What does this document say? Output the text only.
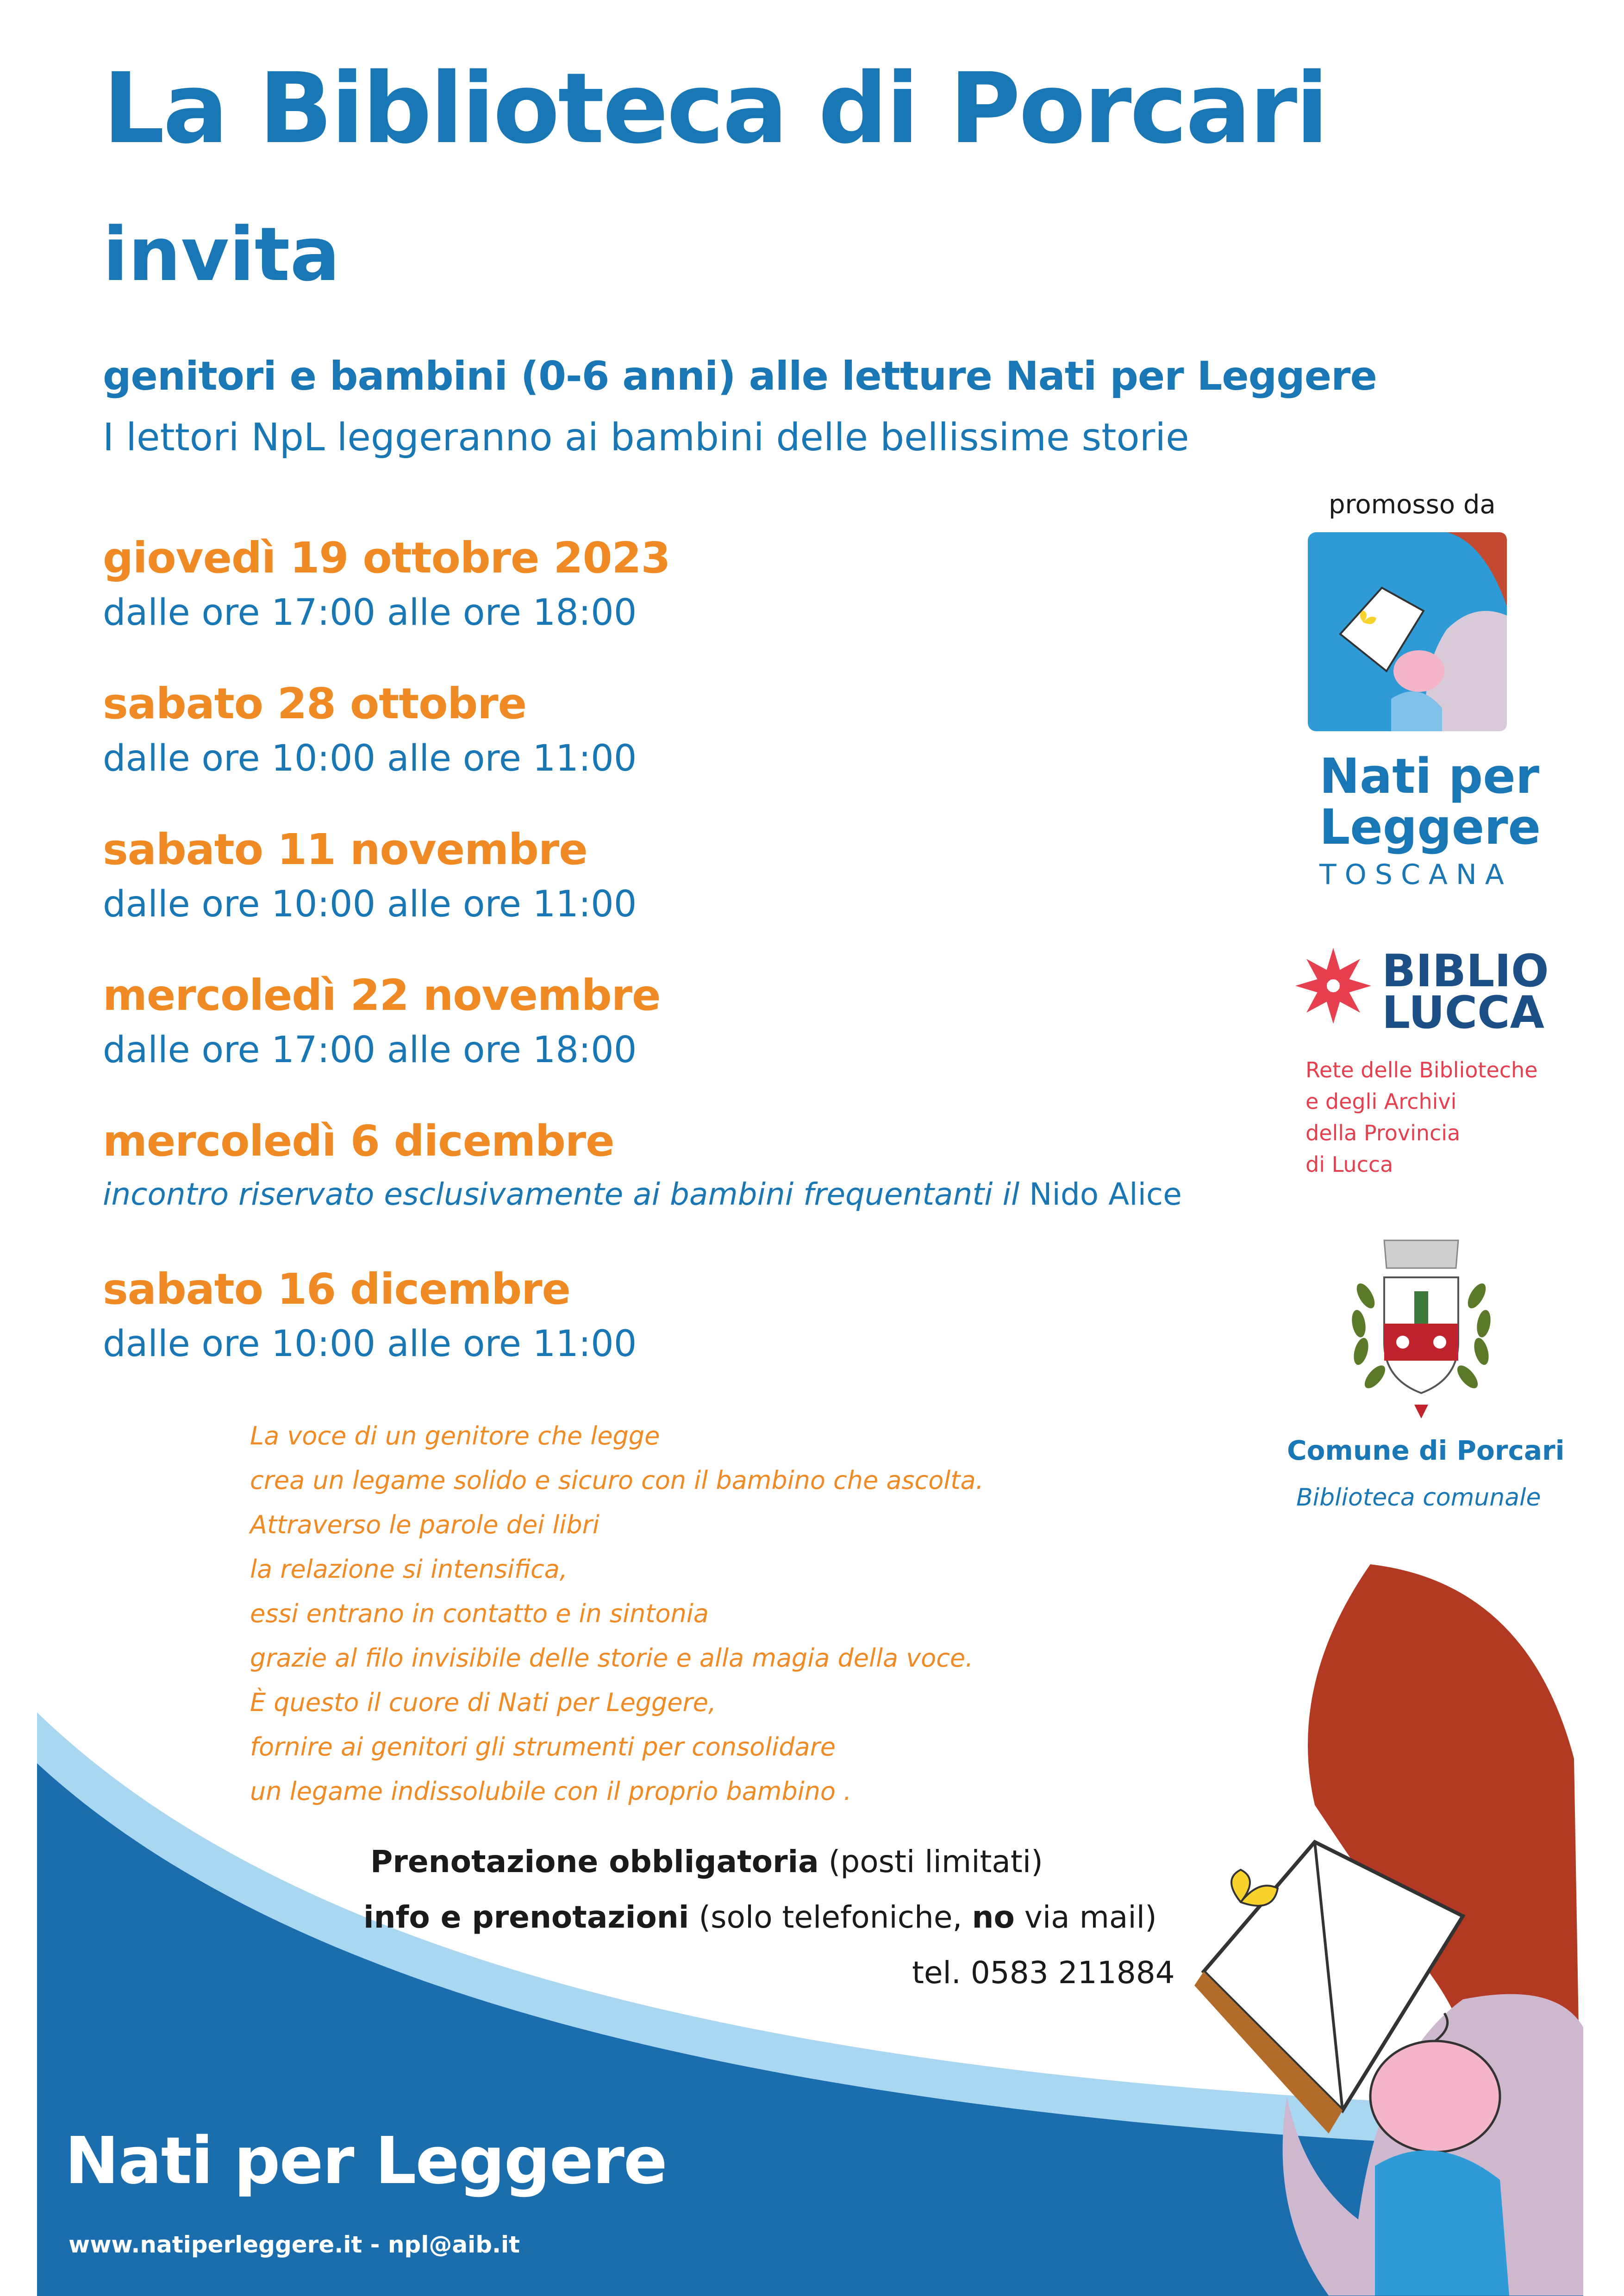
La Biblioteca di Porcari
invita
genitori e bambini (0-6 anni) alle letture Nati per Leggere
I lettori NpL leggeranno ai bambini delle bellissime storie
giovedì 19 ottobre 2023
dalle ore 17:00 alle ore 18:00
sabato 28 ottobre
dalle ore 10:00 alle ore 11:00
sabato 11 novembre
dalle ore 10:00 alle ore 11:00
mercoledì 22 novembre
dalle ore 17:00 alle ore 18:00
mercoledì 6 dicembre
incontro riservato esclusivamente ai bambini frequentanti il Nido Alice
sabato 16 dicembre
dalle ore 10:00 alle ore 11:00
La voce di un genitore che legge
crea un legame solido e sicuro con il bambino che ascolta.
Attraverso le parole dei libri
la relazione si intensifica,
essi entrano in contatto e in sintonia
grazie al filo invisibile delle storie e alla magia della voce.
È questo il cuore di Nati per Leggere,
fornire ai genitori gli strumenti per consolidare
un legame indissolubile con il proprio bambino .
Prenotazione obbligatoria (posti limitati)
info e prenotazioni (solo telefoniche, no via mail)
tel. 0583 211884
promosso da
Nati per
Leggere
TOSCANA
BIBLIO
LUCCA
Rete delle Biblioteche
e degli Archivi
della Provincia
di Lucca
Comune di Porcari
Biblioteca comunale
Nati per Leggere
www.natiperleggere.it - npl@aib.it
